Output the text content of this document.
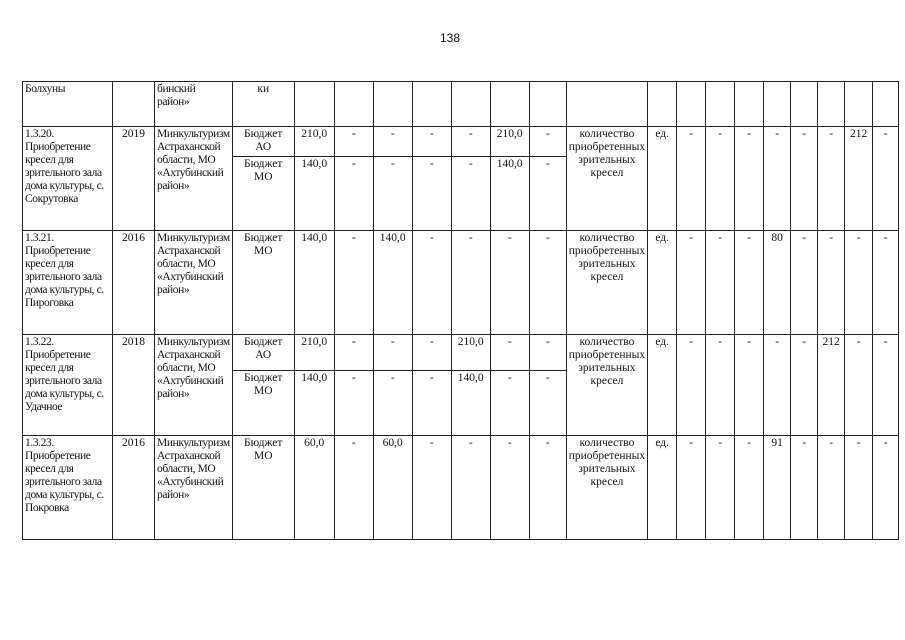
138
Болхуны		бинский район»	ки																	
1.3.20. Приобретение кресел для зрительного зала дома культуры, с. Сокрутовка	2019	Минкультуризм Астраханской области, МО «Ахтубинский район»	Бюджет АО	210,0	-	-	-	-	210,0	-	количество приобретенных зрительных кресел	ед.	-	-	-	-	-	-	212	-
			Бюджет МО	140,0	-	-	-	-	140,0	-										
1.3.21. Приобретение кресел для зрительного зала дома культуры, с. Пироговка	2016	Минкультуризм Астраханской области, МО «Ахтубинский район»	Бюджет МО	140,0	-	140,0	-	-	-	-	количество приобретенных зрительных кресел	ед.	-	-	-	80	-	-	-	-
1.3.22. Приобретение кресел для зрительного зала дома культуры, с. Удачное	2018	Минкультуризм Астраханской области, МО «Ахтубинский район»	Бюджет АО	210,0	-	-	-	210,0	-	-	количество приобретенных зрительных кресел	ед.	-	-	-	-	-	212	-	-
			Бюджет МО	140,0	-	-	-	140,0	-	-										
1.3.23. Приобретение кресел для зрительного зала дома культуры, с. Покровка	2016	Минкультуризм Астраханской области, МО «Ахтубинский район»	Бюджет МО	60,0	-	60,0	-	-	-	-	количество приобретенных зрительных кресел	ед.	-	-	-	91	-	-	-	-
